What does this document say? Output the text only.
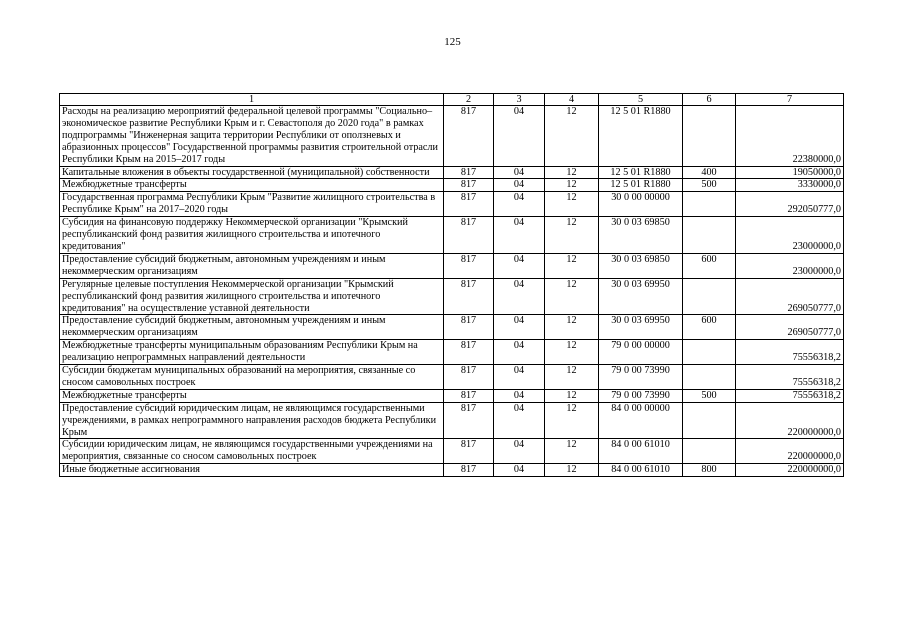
125
1	2	3	4	5	6	7
Расходы на реализацию мероприятий федеральной целевой программы "Социально–экономическое развитие Республики Крым и г. Севастополя до 2020 года" в рамках подпрограммы "Инженерная защита территории Республики от оползневых и абразионных процессов" Государственной программы развития строительной отрасли Республики Крым на 2015–2017 годы	817	04	12	12 5 01 R1880		22380000,0
Капитальные вложения в объекты государственной (муниципальной) собственности	817	04	12	12 5 01 R1880	400	19050000,0
Межбюджетные трансферты	817	04	12	12 5 01 R1880	500	3330000,0
Государственная программа Республики Крым "Развитие жилищного строительства в Республике Крым" на 2017–2020 годы	817	04	12	30 0 00 00000		292050777,0
Субсидия на финансовую поддержку Некоммерческой организации "Крымский республиканский фонд развития жилищного строительства и ипотечного кредитования"	817	04	12	30 0 03 69850		23000000,0
Предоставление субсидий бюджетным, автономным учреждениям и иным некоммерческим организациям	817	04	12	30 0 03 69850	600	23000000,0
Регулярные целевые поступления Некоммерческой организации "Крымский республиканский фонд развития жилищного строительства и ипотечного кредитования" на осуществление уставной деятельности	817	04	12	30 0 03 69950		269050777,0
Предоставление субсидий бюджетным, автономным учреждениям и иным некоммерческим организациям	817	04	12	30 0 03 69950	600	269050777,0
Межбюджетные трансферты муниципальным образованиям Республики Крым на реализацию непрограммных направлений деятельности	817	04	12	79 0 00 00000		75556318,2
Субсидии бюджетам муниципальных образований на мероприятия, связанные со сносом самовольных построек	817	04	12	79 0 00 73990		75556318,2
Межбюджетные трансферты	817	04	12	79 0 00 73990	500	75556318,2
Предоставление субсидий юридическим лицам, не являющимся государственными учреждениями, в рамках непрограммного направления расходов бюджета Республики Крым	817	04	12	84 0 00 00000		220000000,0
Субсидии юридическим лицам, не являющимся государственными учреждениями на мероприятия, связанные со сносом самовольных построек	817	04	12	84 0 00 61010		220000000,0
Иные бюджетные ассигнования	817	04	12	84 0 00 61010	800	220000000,0
